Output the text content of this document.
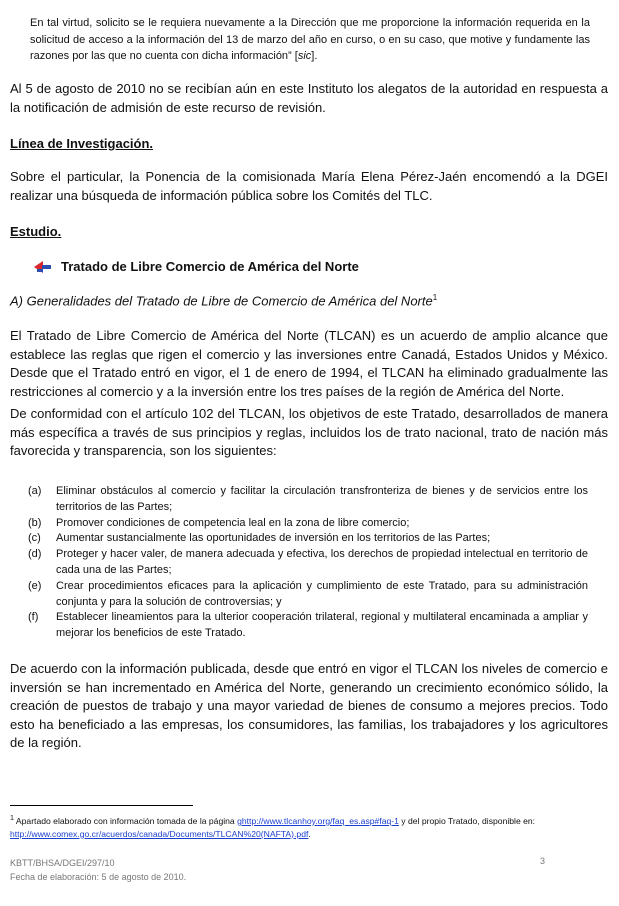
En tal virtud, solicito se le requiera nuevamente a la Dirección que me proporcione la información requerida en la solicitud de acceso a la información del 13 de marzo del año en curso, o en su caso, que motive y fundamente las razones por las que no cuenta con dicha información” [sic].
Al 5 de agosto de 2010 no se recibían aún en este Instituto los alegatos de la autoridad en respuesta a la notificación de admisión de este recurso de revisión.
Línea de Investigación.
Sobre el particular, la Ponencia de la comisionada María Elena Pérez-Jaén encomendó a la DGEI realizar una búsqueda de información pública sobre los Comités del TLC.
Estudio.
Tratado de Libre Comercio de América del Norte
A) Generalidades del Tratado de Libre de Comercio de América del Norte$^1$
El Tratado de Libre Comercio de América del Norte (TLCAN) es un acuerdo de amplio alcance que establece las reglas que rigen el comercio y las inversiones entre Canadá, Estados Unidos y México. Desde que el Tratado entró en vigor, el 1 de enero de 1994, el TLCAN ha eliminado gradualmente las restricciones al comercio y a la inversión entre los tres países de la región de América del Norte.
De conformidad con el artículo 102 del TLCAN, los objetivos de este Tratado, desarrollados de manera más específica a través de sus principios y reglas, incluidos los de trato nacional, trato de nación más favorecida y transparencia, son los siguientes:
(a)	Eliminar obstáculos al comercio y facilitar la circulación transfronteriza de bienes y de servicios entre los territorios de las Partes;
(b)	Promover condiciones de competencia leal en la zona de libre comercio;
(c)	Aumentar sustancialmente las oportunidades de inversión en los territorios de las Partes;
(d)	Proteger y hacer valer, de manera adecuada y efectiva, los derechos de propiedad intelectual en territorio de cada una de las Partes;
(e)	Crear procedimientos eficaces para la aplicación y cumplimiento de este Tratado, para su administración conjunta y para la solución de controversias; y
(f)	Establecer lineamientos para la ulterior cooperación trilateral, regional y multilateral encaminada a ampliar y mejorar los beneficios de este Tratado.
De acuerdo con la información publicada, desde que entró en vigor el TLCAN los niveles de comercio e inversión se han incrementado en América del Norte, generando un crecimiento económico sólido, la creación de puestos de trabajo y una mayor variedad de bienes de consumo a mejores precios. Todo esto ha beneficiado a las empresas, los consumidores, las familias, los trabajadores y los agricultores de la región.
$^1$ Apartado elaborado con información tomada de la página ghttp://www.tlcanhoy.org/faq_es.asp#faq-1 y del propio Tratado, disponible en: http://www.comex.go.cr/acuerdos/canada/Documents/TLCAN%20(NAFTA).pdf.
KBTT/BHSA/DGEI/297/10
Fecha de elaboración: 5 de agosto de 2010.
3
